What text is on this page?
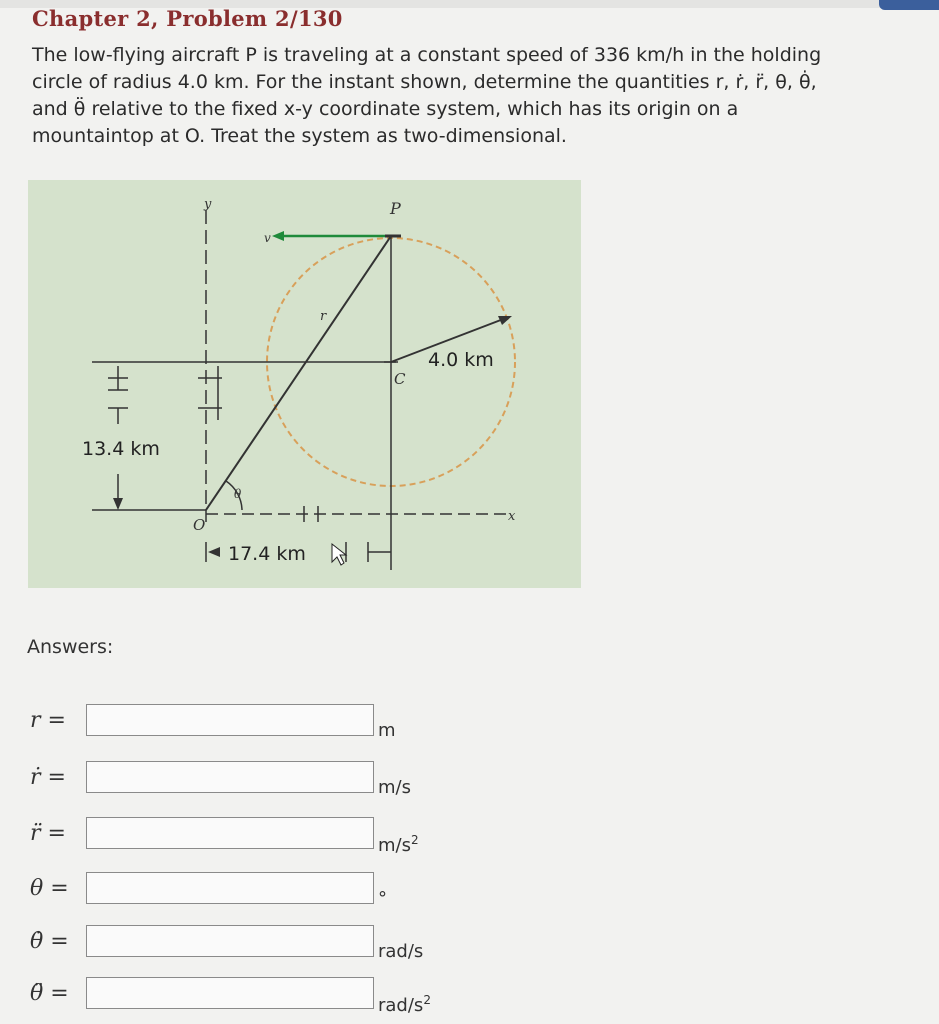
Chapter 2, Problem 2/130
The low-flying aircraft P is traveling at a constant speed of 336 km/h in the holding
circle of radius 4.0 km. For the instant shown, determine the quantities r, ṙ, r̈, θ, θ̇,
and θ̈ relative to the fixed x-y coordinate system, which has its origin on a
mountaintop at O. Treat the system as two-dimensional.
y	P
v
r
C
4.0 km
13.4 km
θ
O	x
17.4 km
Answers:
r =	m
ṙ =	m/s
r̈ =	$m/s^2$
θ =	°
θ̇ =	rad/s
θ̈ =	rad/$s^2$
